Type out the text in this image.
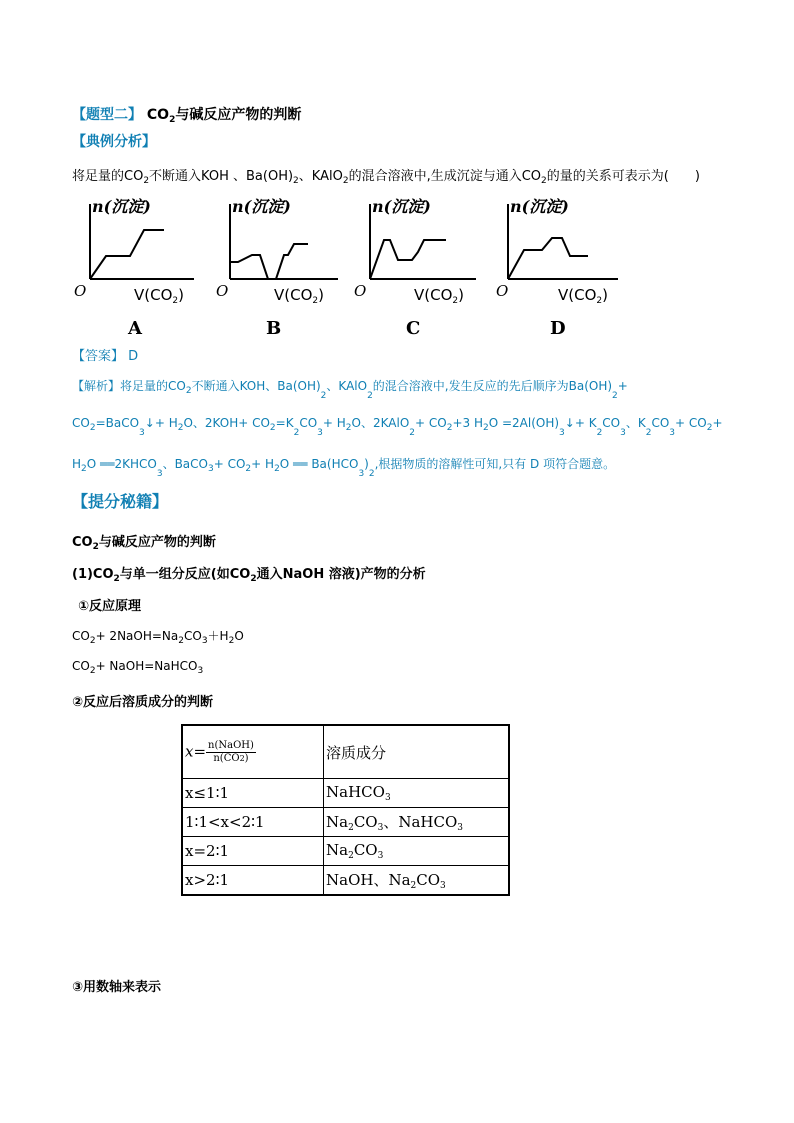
【题型二】 $CO_2$与碱反应产物的判断
【典例分析】
将足量的$CO_2$不断通入KOH 、$Ba(OH)_2$、KAlO$_2$的混合溶液中,生成沉淀与通入$CO_2$的量的关系可表示为(　　)
n(沉淀)
O	$V(CO_2)$
A
n(沉淀)
O	$V(CO_2)$
B
n(沉淀)
O	$V(CO_2)$
C
n(沉淀)
O	$V(CO_2)$
D
【答案】 D
【解析】将足量的$CO_2$不断通入KOH、$Ba(OH)_2$、KAlO$_2$的混合溶液中,发生反应的先后顺序为$Ba(OH)_2+$
$CO_2=BaCO_3↓+ H_2O$、$2KOH+ CO_2=K_2CO_3+ H_2O$、2KAlO$_2$+ $CO_2+3$ $H_2O$ $=2Al(OH)_3↓+ K_2CO_3$、$K_2CO_3+ CO_2+$
$H_2O$ $══2KHCO_3$、BaCO$_3$+ $CO_2+ H_2O$ ══ $Ba(HCO_3)_2$,根据物质的溶解性可知,只有 D 项符合题意。
【提分秘籍】
$CO_2$与碱反应产物的判断
$(1)CO_2$与单一组分反应(如$CO_2$通入NaOH 溶液)产物的分析
①反应原理
$CO_2+$ $2NaOH=Na_2CO_3+H_2O$
$CO_2+$ NaOH=NaHCO$_3$
②反应后溶质成分的判断
$x= \frac{\text{n(NaOH)}}{n(CO2)}$	溶质成分
x≤1∶1	NaHCO$_3$
1∶1<x<2∶1	$Na_2CO_3$、NaHCO$_3$
x=2∶1	$Na_2CO_3$
x>2∶1	NaOH、$Na_2CO_3$
③用数轴来表示
